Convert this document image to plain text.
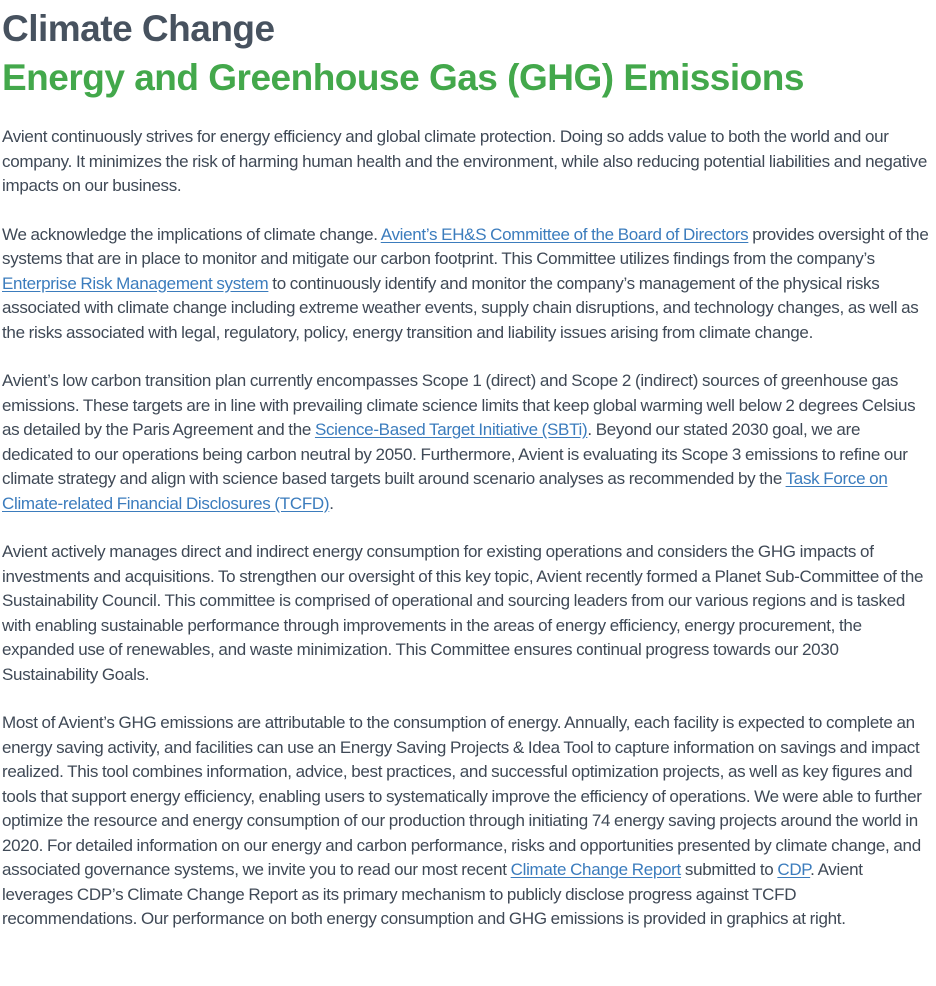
Climate Change
Energy and Greenhouse Gas (GHG) Emissions

Avient continuously strives for energy efficiency and global climate protection. Doing so adds value to both the world and our company. It minimizes the risk of harming human health and the environment, while also reducing potential liabilities and negative impacts on our business.

We acknowledge the implications of climate change. Avient’s EH&S Committee of the Board of Directors provides oversight of the systems that are in place to monitor and mitigate our carbon footprint. This Committee utilizes findings from the company’s Enterprise Risk Management system to continuously identify and monitor the company’s management of the physical risks associated with climate change including extreme weather events, supply chain disruptions, and technology changes, as well as the risks associated with legal, regulatory, policy, energy transition and liability issues arising from climate change.

Avient’s low carbon transition plan currently encompasses Scope 1 (direct) and Scope 2 (indirect) sources of greenhouse gas emissions. These targets are in line with prevailing climate science limits that keep global warming well below 2 degrees Celsius as detailed by the Paris Agreement and the Science-Based Target Initiative (SBTi). Beyond our stated 2030 goal, we are dedicated to our operations being carbon neutral by 2050. Furthermore, Avient is evaluating its Scope 3 emissions to refine our climate strategy and align with science based targets built around scenario analyses as recommended by the Task Force on Climate-related Financial Disclosures (TCFD).

Avient actively manages direct and indirect energy consumption for existing operations and considers the GHG impacts of investments and acquisitions. To strengthen our oversight of this key topic, Avient recently formed a Planet Sub-Committee of the Sustainability Council. This committee is comprised of operational and sourcing leaders from our various regions and is tasked with enabling sustainable performance through improvements in the areas of energy efficiency, energy procurement, the expanded use of renewables, and waste minimization. This Committee ensures continual progress towards our 2030 Sustainability Goals.

Most of Avient’s GHG emissions are attributable to the consumption of energy. Annually, each facility is expected to complete an energy saving activity, and facilities can use an Energy Saving Projects & Idea Tool to capture information on savings and impact realized. This tool combines information, advice, best practices, and successful optimization projects, as well as key figures and tools that support energy efficiency, enabling users to systematically improve the efficiency of operations. We were able to further optimize the resource and energy consumption of our production through initiating 74 energy saving projects around the world in 2020. For detailed information on our energy and carbon performance, risks and opportunities presented by climate change, and associated governance systems, we invite you to read our most recent Climate Change Report submitted to CDP. Avient leverages CDP’s Climate Change Report as its primary mechanism to publicly disclose progress against TCFD recommendations. Our performance on both energy consumption and GHG emissions is provided in graphics at right.
